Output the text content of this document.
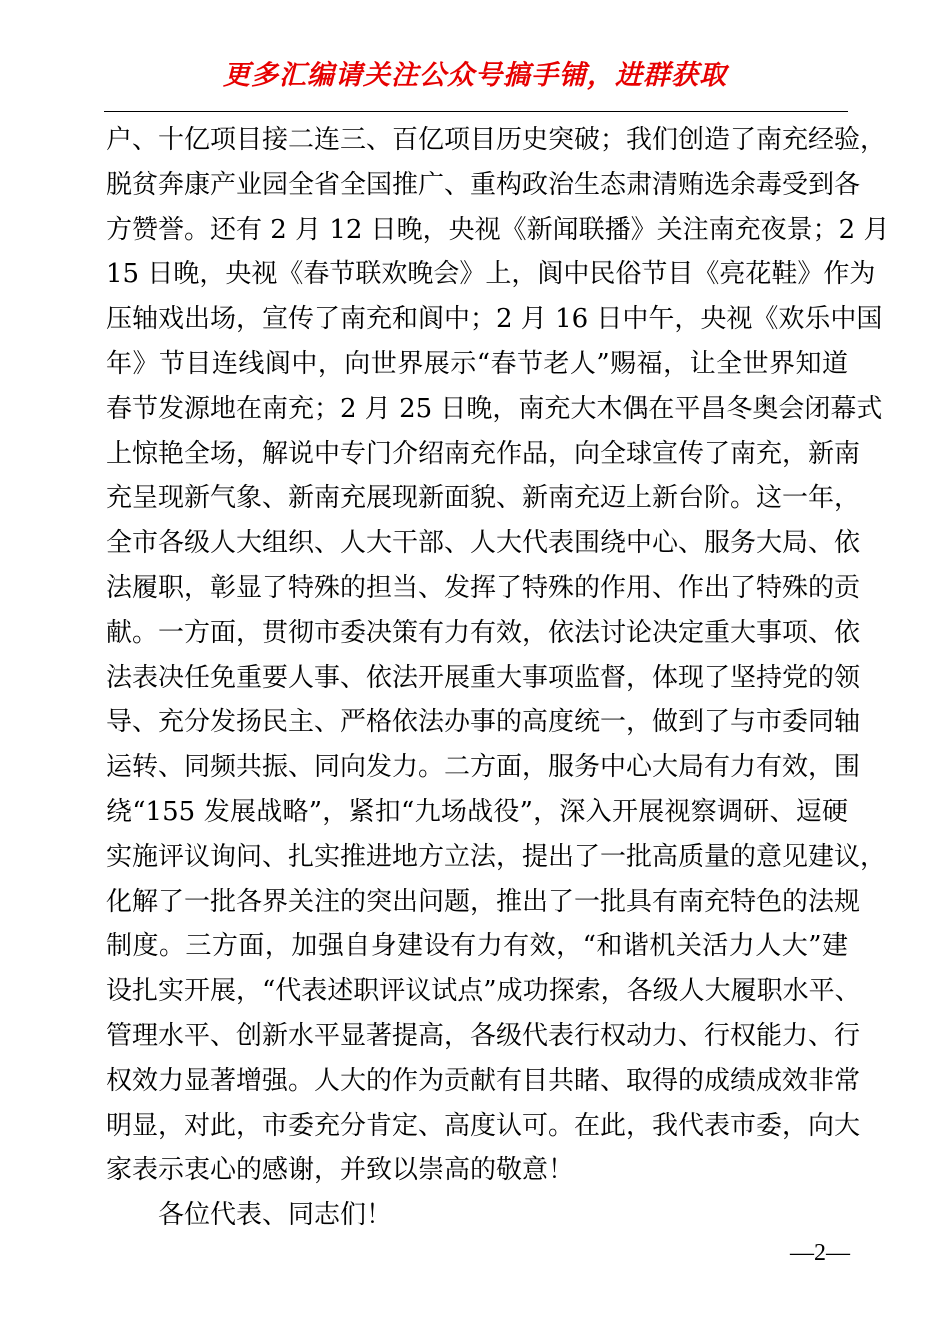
更多汇编请关注公众号搞手铺，进群获取
户、十亿项目接二连三、百亿项目历史突破；我们创造了南充经验，
脱贫奔康产业园全省全国推广、重构政治生态肃清贿选余毒受到各
方赞誉。还有 2 月 12 日晚，央视《新闻联播》关注南充夜景；2 月
15 日晚，央视《春节联欢晚会》上，阆中民俗节目《亮花鞋》作为
压轴戏出场，宣传了南充和阆中；2 月 16 日中午，央视《欢乐中国
年》节目连线阆中，向世界展示“春节老人”赐福，让全世界知道
春节发源地在南充；2 月 25 日晚，南充大木偶在平昌冬奥会闭幕式
上惊艳全场，解说中专门介绍南充作品，向全球宣传了南充，新南
充呈现新气象、新南充展现新面貌、新南充迈上新台阶。这一年，
全市各级人大组织、人大干部、人大代表围绕中心、服务大局、依
法履职，彰显了特殊的担当、发挥了特殊的作用、作出了特殊的贡
献。一方面，贯彻市委决策有力有效，依法讨论决定重大事项、依
法表决任免重要人事、依法开展重大事项监督，体现了坚持党的领
导、充分发扬民主、严格依法办事的高度统一，做到了与市委同轴
运转、同频共振、同向发力。二方面，服务中心大局有力有效，围
绕“155 发展战略”，紧扣“九场战役”，深入开展视察调研、逗硬
实施评议询问、扎实推进地方立法，提出了一批高质量的意见建议，
化解了一批各界关注的突出问题，推出了一批具有南充特色的法规
制度。三方面，加强自身建设有力有效，“和谐机关活力人大”建
设扎实开展，“代表述职评议试点”成功探索，各级人大履职水平、
管理水平、创新水平显著提高，各级代表行权动力、行权能力、行
权效力显著增强。人大的作为贡献有目共睹、取得的成绩成效非常
明显，对此，市委充分肯定、高度认可。在此，我代表市委，向大
家表示衷心的感谢，并致以崇高的敬意！
各位代表、同志们！
—2—
